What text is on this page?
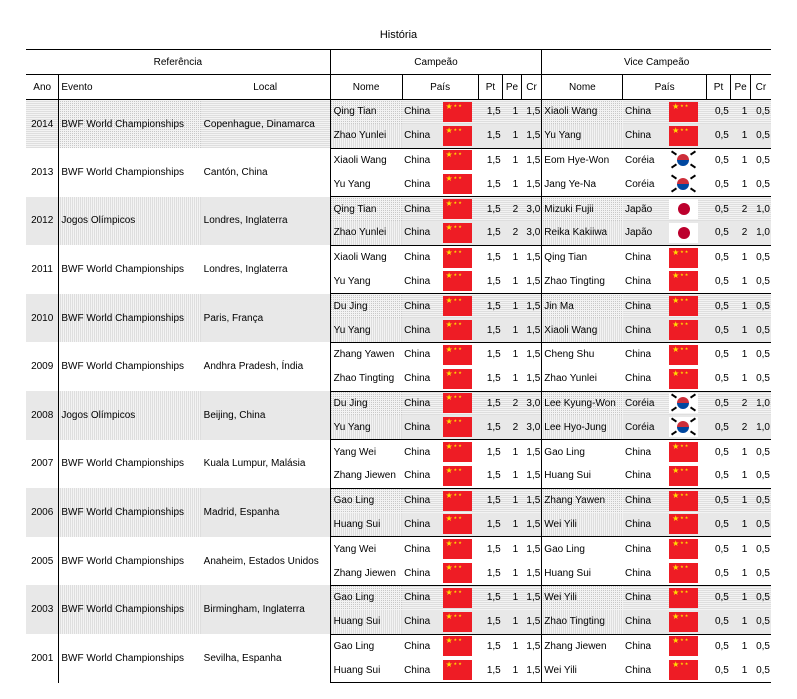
História
Referência			Campeão						Vice Campeão					
Ano	Evento	Local	Nome	País		Pt	Pe	Cr	Nome	País		Pt	Pe	Cr
2014	BWF World Championships	Copenhague, Dinamarca	Qing Tian	China	★ ★ ★	1,5	1	1,5	Xiaoli Wang	China	★ ★ ★	0,5	1	0,5
			Zhao Yunlei	China	★ ★ ★	1,5	1	1,5	Yu Yang	China	★ ★ ★	0,5	1	0,5
2013	BWF World Championships	Cantón, China	Xiaoli Wang	China	★ ★ ★	1,5	1	1,5	Eom Hye-Won	Coréia		0,5	1	0,5
			Yu Yang	China	★ ★ ★	1,5	1	1,5	Jang Ye-Na	Coréia		0,5	1	0,5
2012	Jogos Olímpicos	Londres, Inglaterra	Qing Tian	China	★ ★ ★	1,5	2	3,0	Mizuki Fujii	Japão		0,5	2	1,0
			Zhao Yunlei	China	★ ★ ★	1,5	2	3,0	Reika Kakiiwa	Japão		0,5	2	1,0
2011	BWF World Championships	Londres, Inglaterra	Xiaoli Wang	China	★ ★ ★	1,5	1	1,5	Qing Tian	China	★ ★ ★	0,5	1	0,5
			Yu Yang	China	★ ★ ★	1,5	1	1,5	Zhao Tingting	China	★ ★ ★	0,5	1	0,5
2010	BWF World Championships	Paris, França	Du Jing	China	★ ★ ★	1,5	1	1,5	Jin Ma	China	★ ★ ★	0,5	1	0,5
			Yu Yang	China	★ ★ ★	1,5	1	1,5	Xiaoli Wang	China	★ ★ ★	0,5	1	0,5
2009	BWF World Championships	Andhra Pradesh, Índia	Zhang Yawen	China	★ ★ ★	1,5	1	1,5	Cheng Shu	China	★ ★ ★	0,5	1	0,5
			Zhao Tingting	China	★ ★ ★	1,5	1	1,5	Zhao Yunlei	China	★ ★ ★	0,5	1	0,5
2008	Jogos Olímpicos	Beijing, China	Du Jing	China	★ ★ ★	1,5	2	3,0	Lee Kyung-Won	Coréia		0,5	2	1,0
			Yu Yang	China	★ ★ ★	1,5	2	3,0	Lee Hyo-Jung	Coréia		0,5	2	1,0
2007	BWF World Championships	Kuala Lumpur, Malásia	Yang Wei	China	★ ★ ★	1,5	1	1,5	Gao Ling	China	★ ★ ★	0,5	1	0,5
			Zhang Jiewen	China	★ ★ ★	1,5	1	1,5	Huang Sui	China	★ ★ ★	0,5	1	0,5
2006	BWF World Championships	Madrid, Espanha	Gao Ling	China	★ ★ ★	1,5	1	1,5	Zhang Yawen	China	★ ★ ★	0,5	1	0,5
			Huang Sui	China	★ ★ ★	1,5	1	1,5	Wei Yili	China	★ ★ ★	0,5	1	0,5
2005	BWF World Championships	Anaheim, Estados Unidos	Yang Wei	China	★ ★ ★	1,5	1	1,5	Gao Ling	China	★ ★ ★	0,5	1	0,5
			Zhang Jiewen	China	★ ★ ★	1,5	1	1,5	Huang Sui	China	★ ★ ★	0,5	1	0,5
2003	BWF World Championships	Birmingham, Inglaterra	Gao Ling	China	★ ★ ★	1,5	1	1,5	Wei Yili	China	★ ★ ★	0,5	1	0,5
			Huang Sui	China	★ ★ ★	1,5	1	1,5	Zhao Tingting	China	★ ★ ★	0,5	1	0,5
2001	BWF World Championships	Sevilha, Espanha	Gao Ling	China	★ ★ ★	1,5	1	1,5	Zhang Jiewen	China	★ ★ ★	0,5	1	0,5
			Huang Sui	China	★ ★ ★	1,5	1	1,5	Wei Yili	China	★ ★ ★	0,5	1	0,5
